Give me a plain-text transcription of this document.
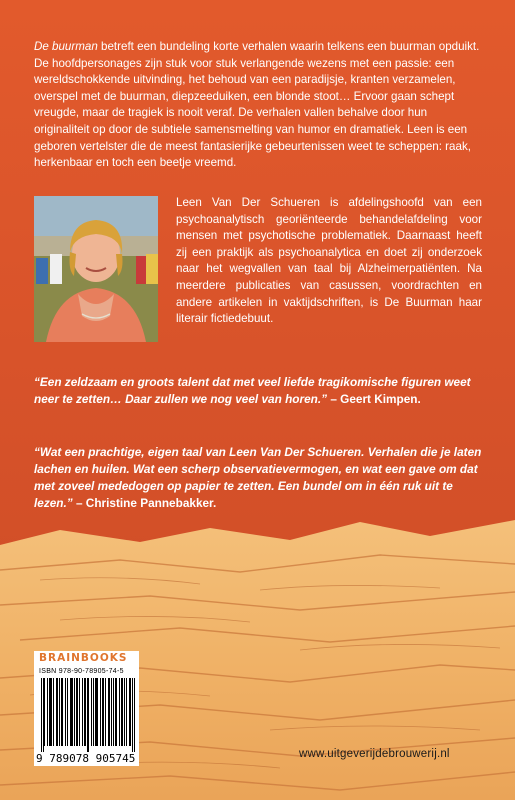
De buurman betreft een bundeling korte verhalen waarin telkens een buurman opduikt. De hoofdpersonages zijn stuk voor stuk verlangende wezens met een passie: een wereldschokkende uitvinding, het behoud van een paradijsje, kranten verzamelen, overspel met de buurman, diepzeeduiken, een blonde stoot… Ervoor gaan schept vreugde, maar de tragiek is nooit veraf. De verhalen vallen behalve door hun originaliteit op door de subtiele samensmelting van humor en dramatiek. Leen is een geboren vertelster die de meest fantasierijke gebeurtenissen weet te scheppen: raak, herkenbaar en toch een beetje vreemd.

Leen Van Der Schueren is afdelingshoofd van een psychoanalytisch georiënteerde behandelafdeling voor mensen met psychotische problematiek. Daarnaast heeft zij een praktijk als psychoanalytica en doet zij onderzoek naar het wegvallen van taal bij Alzheimerpatiënten. Na meerdere publicaties van casussen, voordrachten en andere artikelen in vaktijdschriften, is De Buurman haar literair fictiedebuut.

“Een zeldzaam en groots talent dat met veel liefde tragikomische figuren weet neer te zetten… Daar zullen we nog veel van horen.” – Geert Kimpen.

“Wat een prachtige, eigen taal van Leen Van Der Schueren. Verhalen die je laten lachen en huilen. Wat een scherp observatievermogen, en wat een gave om dat met zoveel mededogen op papier te zetten. Een bundel om in één ruk uit te lezen.” – Christine Pannebakker.

BRAINBOOKS
ISBN 978-90-78905-74-5
9 789078 905745	www.uitgeverijdebrouwerij.nl
